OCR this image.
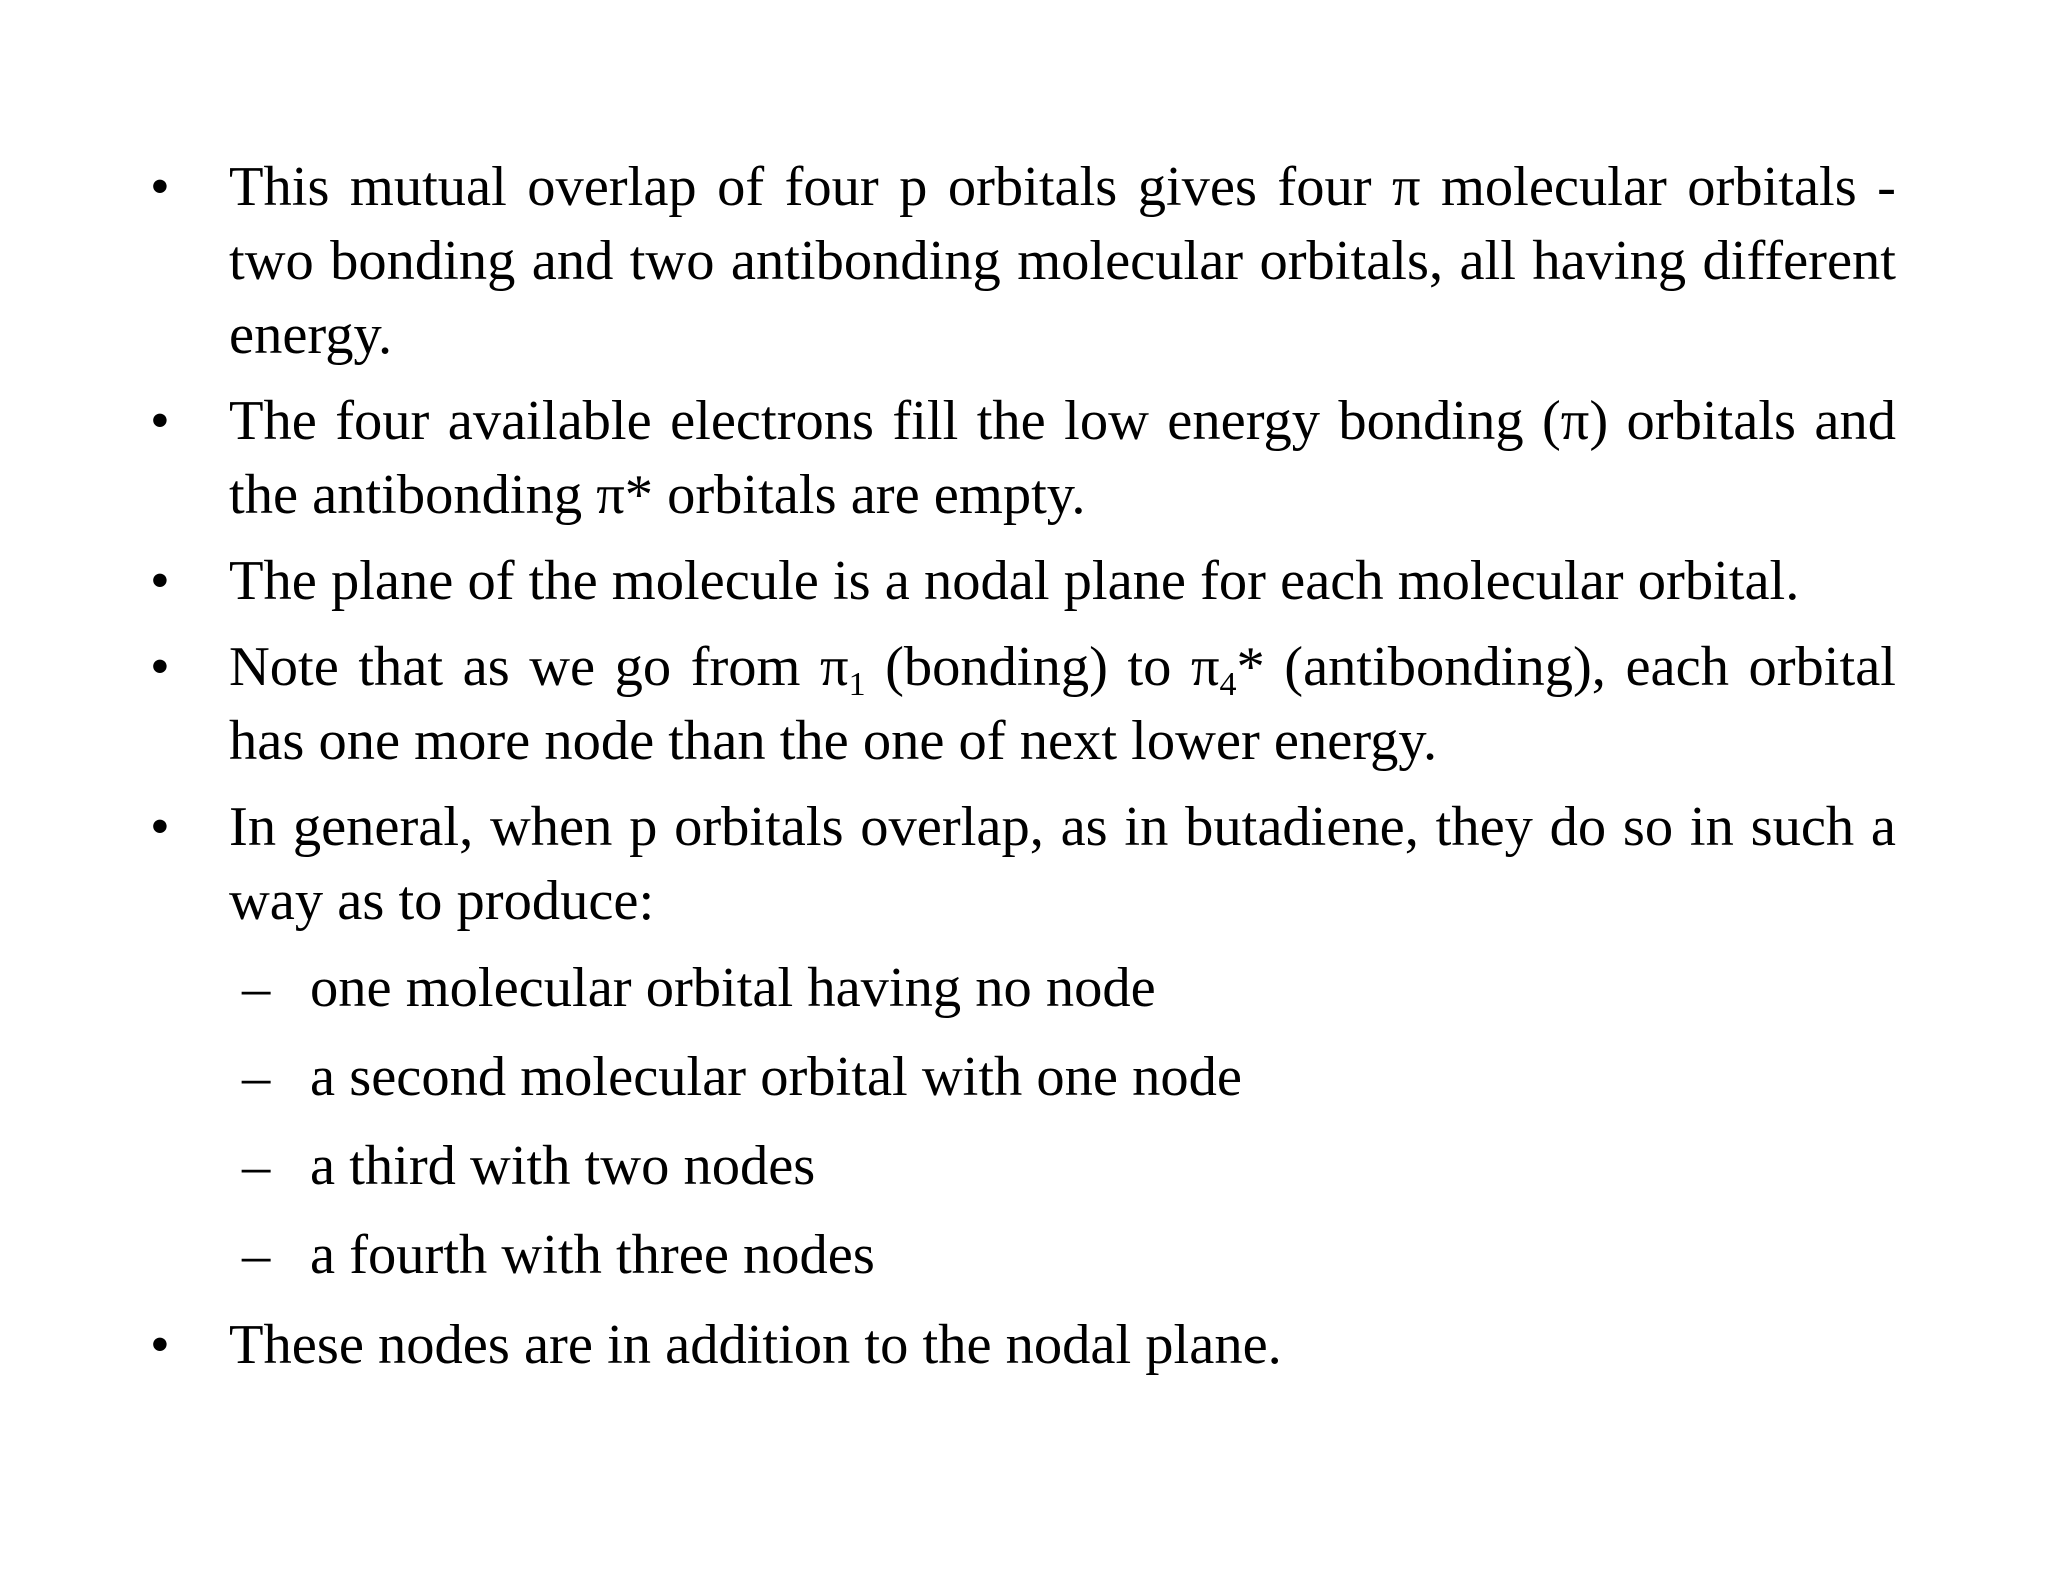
• This mutual overlap of four p orbitals gives four π molecular orbitals - two bonding and two antibonding molecular orbitals, all having different energy.
• The four available electrons fill the low energy bonding (π) orbitals and the antibonding π* orbitals are empty.
• The plane of the molecule is a nodal plane for each molecular orbital.
• Note that as we go from $\pi_1$ (bonding) to $\pi_4*$ (antibonding), each orbital has one more node than the one of next lower energy.
• In general, when p orbitals overlap, as in butadiene, they do so in such a way as to produce:
– one molecular orbital having no node
– a second molecular orbital with one node
– a third with two nodes
– a fourth with three nodes
• These nodes are in addition to the nodal plane.
